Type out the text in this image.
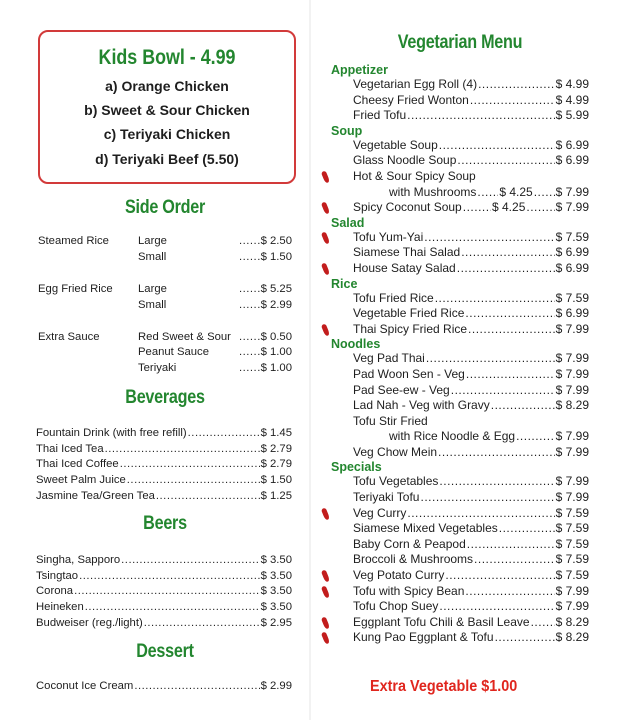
Kids Bowl - 4.99
a) Orange Chicken
b) Sweet & Sour Chicken
c) Teriyaki Chicken
d) Teriyaki Beef (5.50)
Side Order
Steamed Rice	Large .....	$ 2.50
Small .....	$ 1.50
Egg Fried Rice	Large .....	$ 5.25
Small .....	$ 2.99
Extra Sauce	Red Sweet & Sour .....	$ 0.50
Peanut Sauce .....	$ 1.00
Teriyaki .....	$ 1.00
Beverages
Fountain Drink (with free refill) .....	$ 1.45
Thai Iced Tea .....	$ 2.79
Thai Iced Coffee .....	$ 2.79
Sweet Palm Juice .....	$ 1.50
Jasmine Tea/Green Tea .....	$ 1.25
Beers
Singha, Sapporo .....	$ 3.50
Tsingtao .....	$ 3.50
Corona .....	$ 3.50
Heineken .....	$ 3.50
Budweiser (reg./light) .....	$ 2.95
Dessert
Coconut Ice Cream .....	$ 2.99
Vegetarian Menu
Appetizer
Vegetarian Egg Roll (4) .....	$ 4.99
Cheesy Fried Wonton .....	$ 4.99
Fried Tofu .....	$ 5.99
Soup
Vegetable Soup .....	$ 6.99
Glass Noodle Soup .....	$ 6.99
Hot & Sour Spicy Soup
with Mushrooms ..... $ 4.25 ..... $ 7.99
Spicy Coconut Soup .....	$ 4.25 .....	$ 7.99
Salad
Tofu Yum-Yai .....	$ 7.59
Siamese Thai Salad .....	$ 6.99
House Satay Salad .....	$ 6.99
Rice
Tofu Fried Rice .....	$ 7.59
Vegetable Fried Rice .....	$ 6.99
Thai Spicy Fried Rice .....	$ 7.99
Noodles
Veg Pad Thai .....	$ 7.99
Pad Woon Sen - Veg .....	$ 7.99
Pad See-ew - Veg .....	$ 7.99
Lad Nah - Veg with Gravy .....	$ 8.29
Tofu Stir Fried
with Rice Noodle & Egg .....	$ 7.99
Veg Chow Mein .....	$ 7.99
Specials
Tofu Vegetables .....	$ 7.99
Teriyaki Tofu .....	$ 7.99
Veg Curry .....	$ 7.59
Siamese Mixed Vegetables .....	$ 7.59
Baby Corn & Peapod .....	$ 7.59
Broccoli & Mushrooms .....	$ 7.59
Veg Potato Curry .....	$ 7.59
Tofu with Spicy Bean .....	$ 7.99
Tofu Chop Suey .....	$ 7.99
Eggplant Tofu Chili & Basil Leave ..... $ 8.29
Kung Pao Eggplant & Tofu .....	$ 8.29
Extra Vegetable $1.00
